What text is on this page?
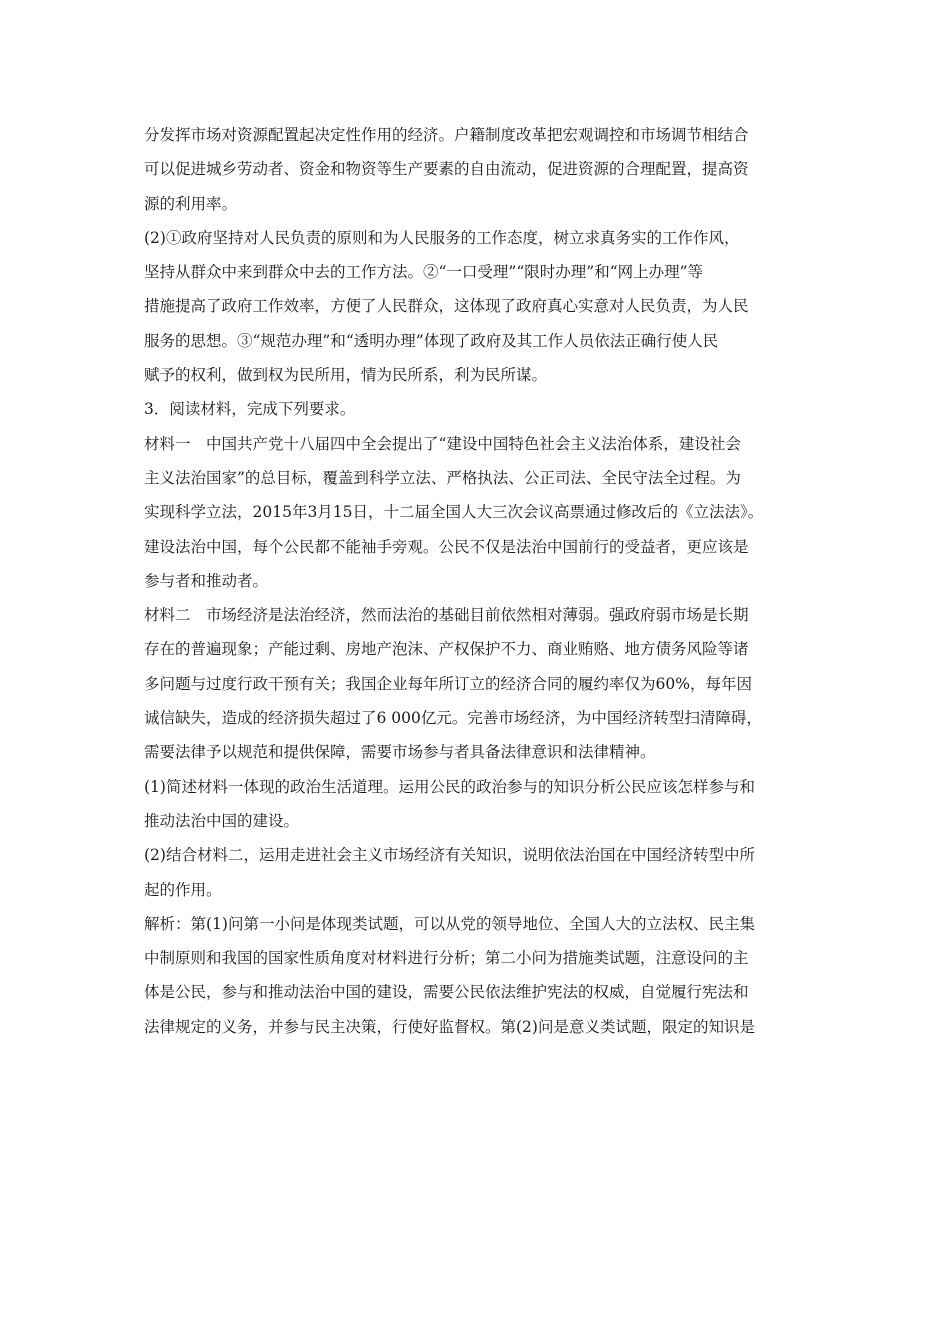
分发挥市场对资源配置起决定性作用的经济。户籍制度改革把宏观调控和市场调节相结合
可以促进城乡劳动者、资金和物资等生产要素的自由流动，促进资源的合理配置，提高资
源的利用率。
(2)①政府坚持对人民负责的原则和为人民服务的工作态度，树立求真务实的工作作风，
坚持从群众中来到群众中去的工作方法。②“一口受理”“限时办理”和“网上办理”等
措施提高了政府工作效率，方便了人民群众，这体现了政府真心实意对人民负责，为人民
服务的思想。③“规范办理”和“透明办理”体现了政府及其工作人员依法正确行使人民
赋予的权利，做到权为民所用，情为民所系，利为民所谋。
3．阅读材料，完成下列要求。
材料一　中国共产党十八届四中全会提出了“建设中国特色社会主义法治体系，建设社会
主义法治国家”的总目标，覆盖到科学立法、严格执法、公正司法、全民守法全过程。为
实现科学立法，2015年3月15日，十二届全国人大三次会议高票通过修改后的《立法法》。
建设法治中国，每个公民都不能袖手旁观。公民不仅是法治中国前行的受益者，更应该是
参与者和推动者。
材料二　市场经济是法治经济，然而法治的基础目前依然相对薄弱。强政府弱市场是长期
存在的普遍现象；产能过剩、房地产泡沫、产权保护不力、商业贿赂、地方债务风险等诸
多问题与过度行政干预有关；我国企业每年所订立的经济合同的履约率仅为60%，每年因
诚信缺失，造成的经济损失超过了6 000亿元。完善市场经济，为中国经济转型扫清障碍，
需要法律予以规范和提供保障，需要市场参与者具备法律意识和法律精神。
(1)简述材料一体现的政治生活道理。运用公民的政治参与的知识分析公民应该怎样参与和
推动法治中国的建设。
(2)结合材料二，运用走进社会主义市场经济有关知识，说明依法治国在中国经济转型中所
起的作用。
解析：第(1)问第一小问是体现类试题，可以从党的领导地位、全国人大的立法权、民主集
中制原则和我国的国家性质角度对材料进行分析；第二小问为措施类试题，注意设问的主
体是公民，参与和推动法治中国的建设，需要公民依法维护宪法的权威，自觉履行宪法和
法律规定的义务，并参与民主决策，行使好监督权。第(2)问是意义类试题，限定的知识是
